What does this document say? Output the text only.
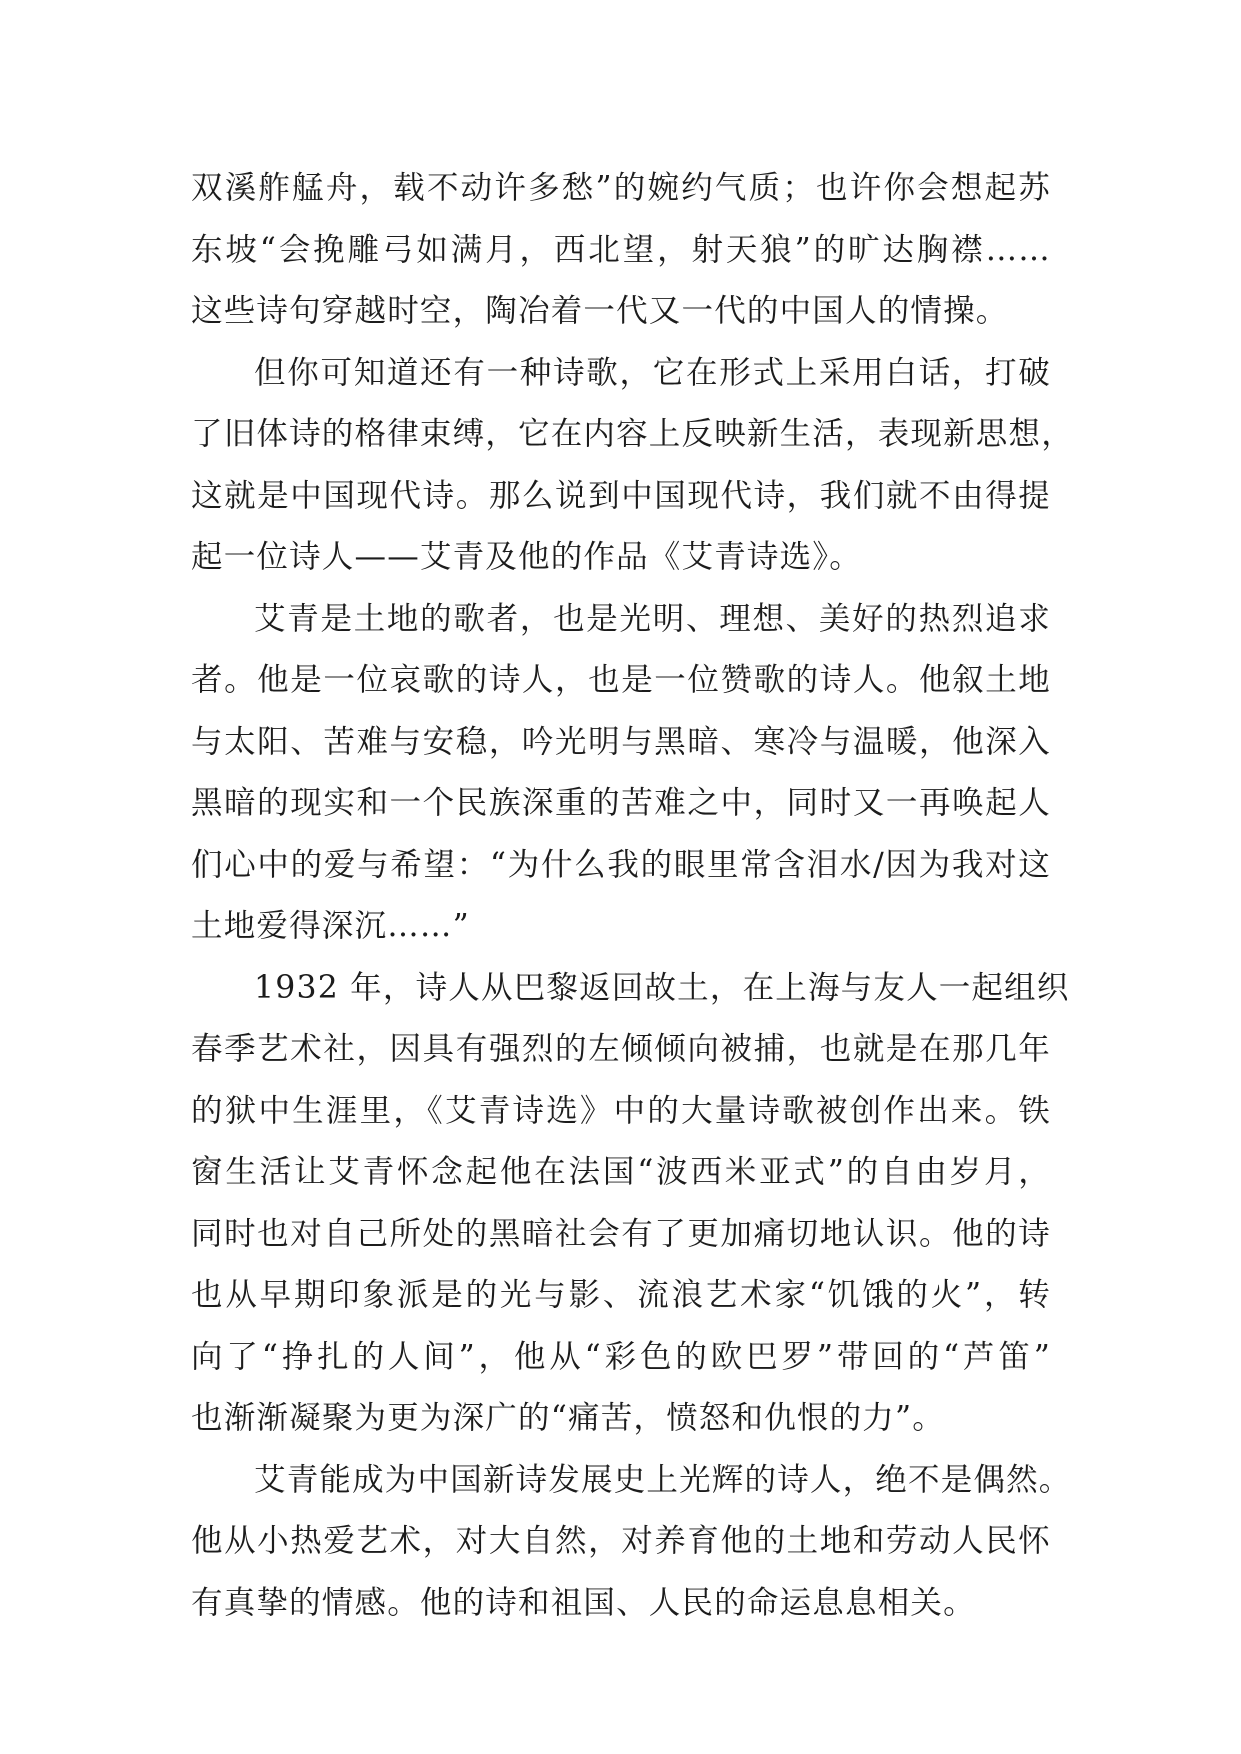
双溪舴艋舟，载不动许多愁”的婉约气质；也许你会想起苏
东坡“会挽雕弓如满月，西北望，射天狼”的旷达胸襟……
这些诗句穿越时空，陶冶着一代又一代的中国人的情操。
但你可知道还有一种诗歌，它在形式上采用白话，打破
了旧体诗的格律束缚，它在内容上反映新生活，表现新思想，
这就是中国现代诗。那么说到中国现代诗，我们就不由得提
起一位诗人——艾青及他的作品《艾青诗选》。
艾青是土地的歌者，也是光明、理想、美好的热烈追求
者。他是一位哀歌的诗人，也是一位赞歌的诗人。他叙土地
与太阳、苦难与安稳，吟光明与黑暗、寒冷与温暖，他深入
黑暗的现实和一个民族深重的苦难之中，同时又一再唤起人
们心中的爱与希望：“为什么我的眼里常含泪水/因为我对这
土地爱得深沉……”
1932 年，诗人从巴黎返回故土，在上海与友人一起组织
春季艺术社，因具有强烈的左倾倾向被捕，也就是在那几年
的狱中生涯里，《艾青诗选》中的大量诗歌被创作出来。铁
窗生活让艾青怀念起他在法国“波西米亚式”的自由岁月，
同时也对自己所处的黑暗社会有了更加痛切地认识。他的诗
也从早期印象派是的光与影、流浪艺术家“饥饿的火”，转
向了“挣扎的人间”，他从“彩色的欧巴罗”带回的“芦笛”
也渐渐凝聚为更为深广的“痛苦，愤怒和仇恨的力”。
艾青能成为中国新诗发展史上光辉的诗人，绝不是偶然。
他从小热爱艺术，对大自然，对养育他的土地和劳动人民怀
有真挚的情感。他的诗和祖国、人民的命运息息相关。
